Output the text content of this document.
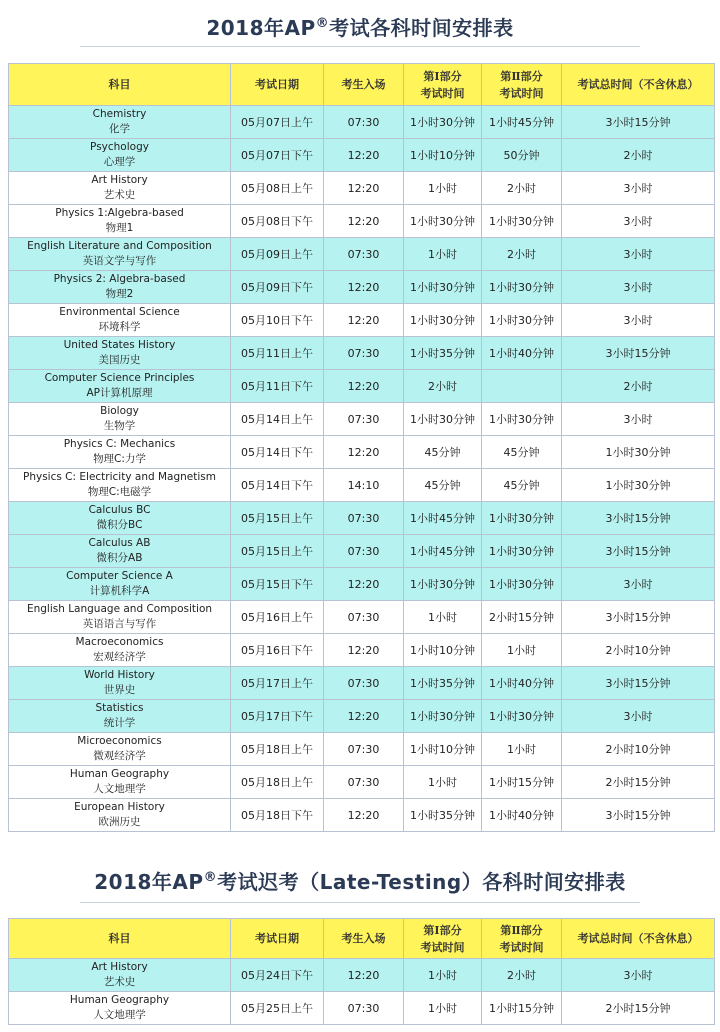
2018年AP®考试各科时间安排表
科目	考试日期	考生入场	第Ⅰ部分
考试时间	第Ⅱ部分
考试时间	考试总时间（不含休息）

Chemistry
化学	05月07日上午	07:30	1小时30分钟	1小时45分钟	3小时15分钟

Psychology
心理学	05月07日下午	12:20	1小时10分钟	50分钟	2小时

Art History
艺术史	05月08日上午	12:20	1小时	2小时	3小时

Physics 1:Algebra-based
物理1	05月08日下午	12:20	1小时30分钟	1小时30分钟	3小时

English Literature and Composition
英语文学与写作	05月09日上午	07:30	1小时	2小时	3小时

Physics 2: Algebra-based
物理2	05月09日下午	12:20	1小时30分钟	1小时30分钟	3小时

Environmental Science
环境科学	05月10日下午	12:20	1小时30分钟	1小时30分钟	3小时

United States History
美国历史	05月11日上午	07:30	1小时35分钟	1小时40分钟	3小时15分钟

Computer Science Principles
AP计算机原理	05月11日下午	12:20	2小时		2小时

Biology
生物学	05月14日上午	07:30	1小时30分钟	1小时30分钟	3小时

Physics C: Mechanics
物理C:力学	05月14日下午	12:20	45分钟	45分钟	1小时30分钟

Physics C: Electricity and Magnetism
物理C:电磁学	05月14日下午	14:10	45分钟	45分钟	1小时30分钟

Calculus BC
微积分BC	05月15日上午	07:30	1小时45分钟	1小时30分钟	3小时15分钟

Calculus AB
微积分AB	05月15日上午	07:30	1小时45分钟	1小时30分钟	3小时15分钟

Computer Science A
计算机科学A	05月15日下午	12:20	1小时30分钟	1小时30分钟	3小时

English Language and Composition
英语语言与写作	05月16日上午	07:30	1小时	2小时15分钟	3小时15分钟

Macroeconomics
宏观经济学	05月16日下午	12:20	1小时10分钟	1小时	2小时10分钟

World History
世界史	05月17日上午	07:30	1小时35分钟	1小时40分钟	3小时15分钟

Statistics
统计学	05月17日下午	12:20	1小时30分钟	1小时30分钟	3小时

Microeconomics
微观经济学	05月18日上午	07:30	1小时10分钟	1小时	2小时10分钟

Human Geography
人文地理学	05月18日上午	07:30	1小时	1小时15分钟	2小时15分钟

European History
欧洲历史	05月18日下午	12:20	1小时35分钟	1小时40分钟	3小时15分钟
2018年AP®考试迟考（Late-Testing）各科时间安排表
科目	考试日期	考生入场	第Ⅰ部分
考试时间	第Ⅱ部分
考试时间	考试总时间（不含休息）

Art History
艺术史	05月24日下午	12:20	1小时	2小时	3小时

Human Geography
人文地理学	05月25日上午	07:30	1小时	1小时15分钟	2小时15分钟
